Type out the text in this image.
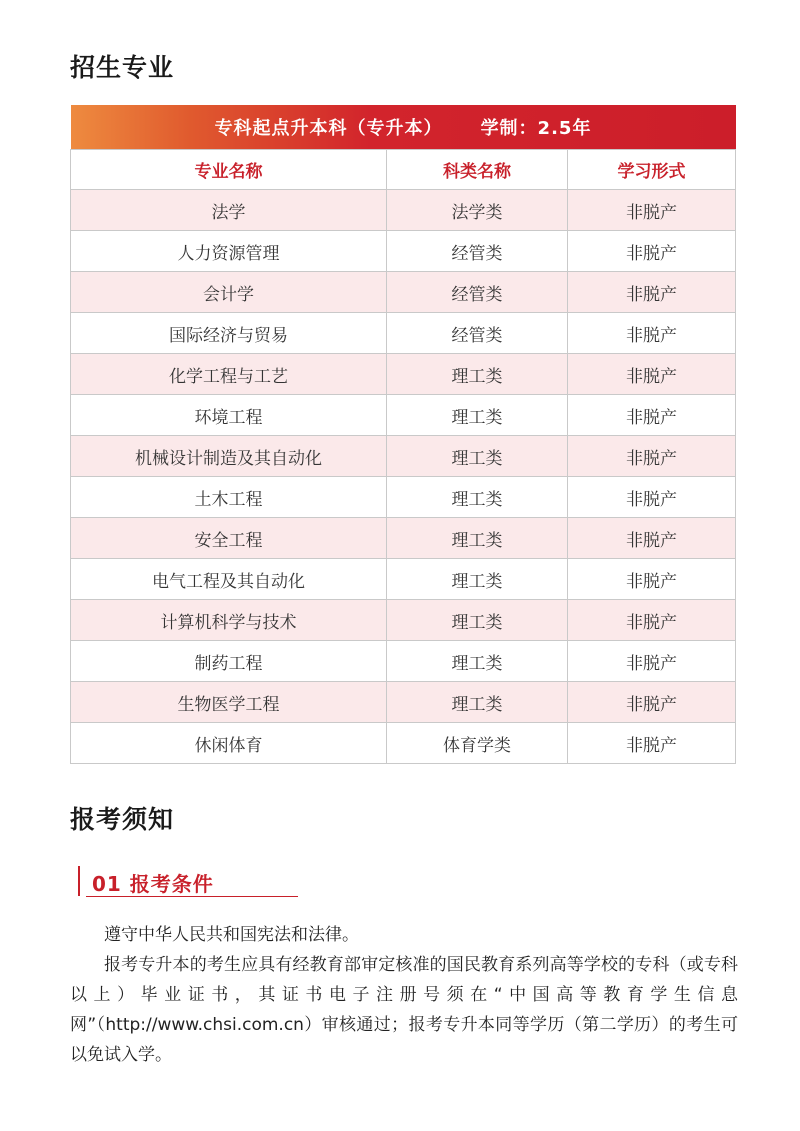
招生专业
专科起点升本科（专升本） 学制：2.5年		
专业名称	科类名称	学习形式
法学	法学类	非脱产
人力资源管理	经管类	非脱产
会计学	经管类	非脱产
国际经济与贸易	经管类	非脱产
化学工程与工艺	理工类	非脱产
环境工程	理工类	非脱产
机械设计制造及其自动化	理工类	非脱产
土木工程	理工类	非脱产
安全工程	理工类	非脱产
电气工程及其自动化	理工类	非脱产
计算机科学与技术	理工类	非脱产
制药工程	理工类	非脱产
生物医学工程	理工类	非脱产
休闲体育	体育学类	非脱产
报考须知
01 报考条件

遵守中华人民共和国宪法和法律。

报考专升本的考生应具有经教育部审定核准的国民教育系列高等学校的专科（或专科以上）毕业证书，其证书电子注册号须在“中国高等教育学生信息网”（http://www.chsi.com.cn）审核通过；报考专升本同等学历（第二学历）的考生可以免试入学。
